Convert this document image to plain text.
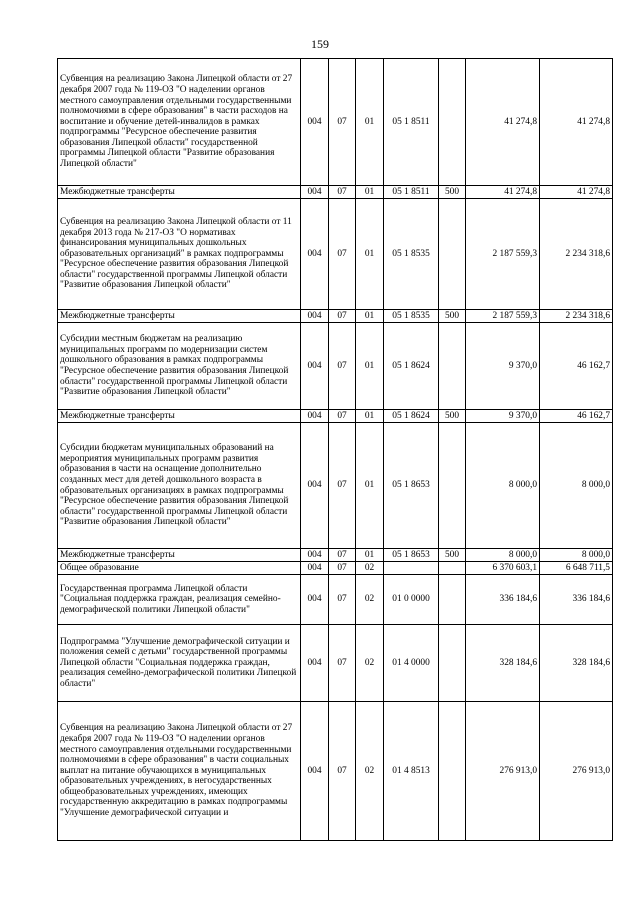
159
Субвенция на реализацию Закона Липецкой области от 27 декабря 2007 года № 119-ОЗ "О наделении органов местного самоуправления отдельными государственными полномочиями в сфере образования" в части расходов на воспитание и обучение детей-инвалидов в рамках подпрограммы "Ресурсное обеспечение развития образования Липецкой области" государственной программы Липецкой области "Развитие образования Липецкой области"	004	07	01	05 1 8511		41 274,8	41 274,8
Межбюджетные трансферты	004	07	01	05 1 8511	500	41 274,8	41 274,8
Субвенция на реализацию Закона Липецкой области от 11 декабря 2013 года № 217-ОЗ "О нормативах финансирования муниципальных дошкольных образовательных организаций" в рамках подпрограммы "Ресурсное обеспечение развития образования Липецкой области" государственной программы Липецкой области "Развитие образования Липецкой области"	004	07	01	05 1 8535		2 187 559,3	2 234 318,6
Межбюджетные трансферты	004	07	01	05 1 8535	500	2 187 559,3	2 234 318,6
Субсидии местным бюджетам на реализацию муниципальных программ по модернизации систем дошкольного образования в рамках подпрограммы "Ресурсное обеспечение развития образования Липецкой области" государственной программы Липецкой области "Развитие образования Липецкой области"	004	07	01	05 1 8624		9 370,0	46 162,7
Межбюджетные трансферты	004	07	01	05 1 8624	500	9 370,0	46 162,7
Субсидии бюджетам муниципальных образований на мероприятия муниципальных программ развития образования в части на оснащение дополнительно созданных мест для детей дошкольного возраста в образовательных организациях в рамках подпрограммы "Ресурсное обеспечение развития образования Липецкой области" государственной программы Липецкой области "Развитие образования Липецкой области"	004	07	01	05 1 8653		8 000,0	8 000,0
Межбюджетные трансферты	004	07	01	05 1 8653	500	8 000,0	8 000,0
Общее образование	004	07	02			6 370 603,1	6 648 711,5
Государственная программа Липецкой области "Социальная поддержка граждан, реализация семейно-демографической политики Липецкой области"	004	07	02	01 0 0000		336 184,6	336 184,6
Подпрограмма "Улучшение демографической ситуации и положения семей с детьми" государственной программы Липецкой области "Социальная поддержка граждан, реализация семейно-демографической политики Липецкой области"	004	07	02	01 4 0000		328 184,6	328 184,6
Субвенция на реализацию Закона Липецкой области от 27 декабря 2007 года № 119-ОЗ "О наделении органов местного самоуправления отдельными государственными полномочиями в сфере образования" в части социальных выплат на питание обучающихся в муниципальных образовательных учреждениях, в негосударственных общеобразовательных учреждениях, имеющих государственную аккредитацию в рамках подпрограммы "Улучшение демографической ситуации и	004	07	02	01 4 8513		276 913,0	276 913,0
